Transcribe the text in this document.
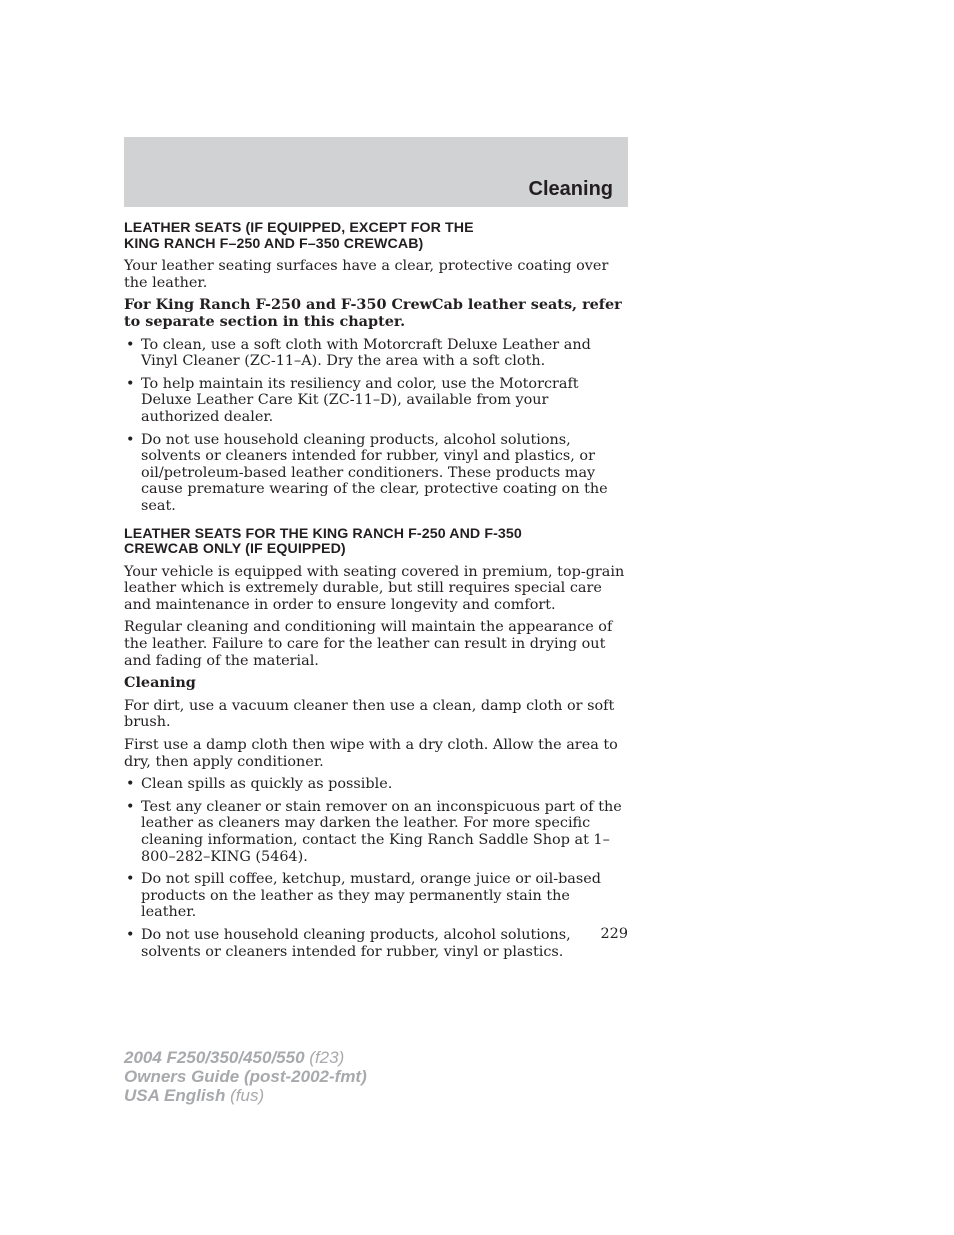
Cleaning
LEATHER SEATS (IF EQUIPPED, EXCEPT FOR THE
KING RANCH F–250 AND F–350 CREWCAB)

Your leather seating surfaces have a clear, protective coating over the leather.

For King Ranch F-250 and F-350 CrewCab leather seats, refer to separate section in this chapter.

• To clean, use a soft cloth with Motorcraft Deluxe Leather and Vinyl Cleaner (ZC-11–A). Dry the area with a soft cloth.
• To help maintain its resiliency and color, use the Motorcraft Deluxe Leather Care Kit (ZC-11–D), available from your authorized dealer.
• Do not use household cleaning products, alcohol solutions, solvents or cleaners intended for rubber, vinyl and plastics, or oil/petroleum-based leather conditioners. These products may cause premature wearing of the clear, protective coating on the seat.
LEATHER SEATS FOR THE KING RANCH F-250 AND F-350
CREWCAB ONLY (IF EQUIPPED)

Your vehicle is equipped with seating covered in premium, top-grain leather which is extremely durable, but still requires special care and maintenance in order to ensure longevity and comfort.

Regular cleaning and conditioning will maintain the appearance of the leather. Failure to care for the leather can result in drying out and fading of the material.

Cleaning

For dirt, use a vacuum cleaner then use a clean, damp cloth or soft brush.

First use a damp cloth then wipe with a dry cloth. Allow the area to dry, then apply conditioner.

• Clean spills as quickly as possible.
• Test any cleaner or stain remover on an inconspicuous part of the leather as cleaners may darken the leather. For more specific cleaning information, contact the King Ranch Saddle Shop at 1–800–282–KING (5464).
• Do not spill coffee, ketchup, mustard, orange juice or oil-based products on the leather as they may permanently stain the leather.
• Do not use household cleaning products, alcohol solutions, solvents or cleaners intended for rubber, vinyl or plastics.
229
2004 F250/350/450/550 (f23)
Owners Guide (post-2002-fmt)
USA English (fus)
